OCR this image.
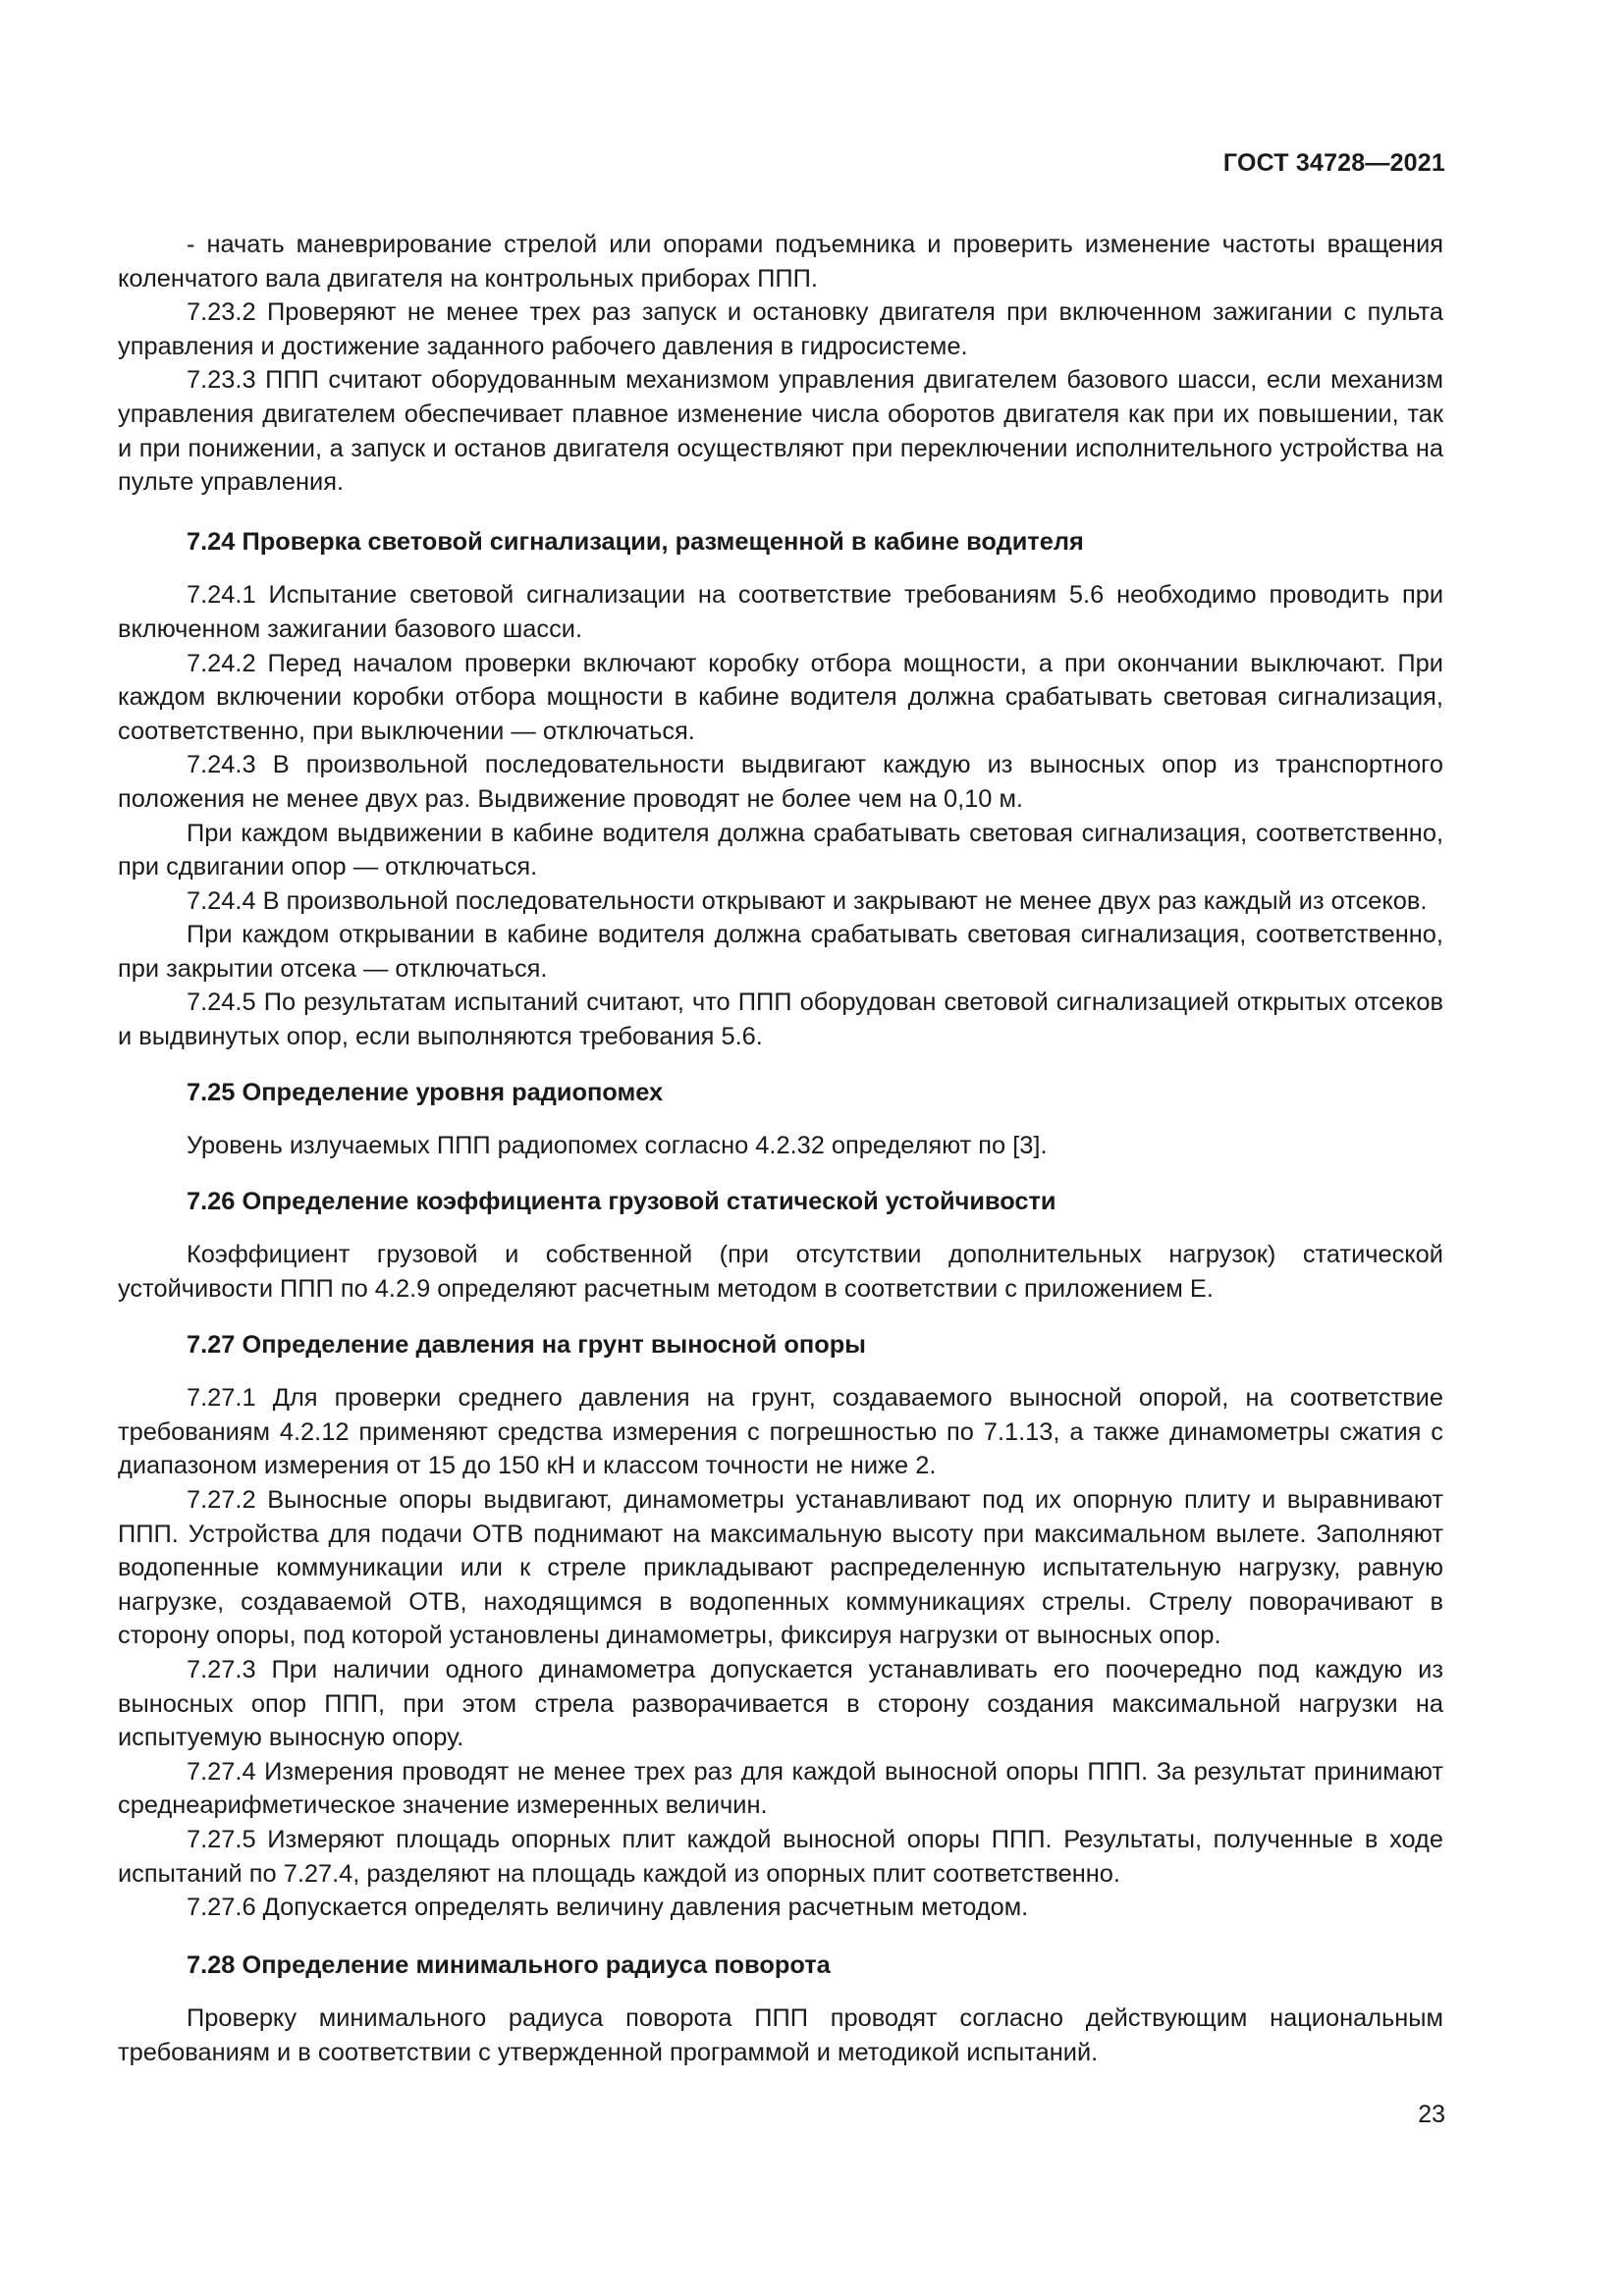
ГОСТ 34728—2021

- начать маневрирование стрелой или опорами подъемника и проверить изменение частоты вращения коленчатого вала двигателя на контрольных приборах ППП.

7.23.2 Проверяют не менее трех раз запуск и остановку двигателя при включенном зажигании с пульта управления и достижение заданного рабочего давления в гидросистеме.

7.23.3 ППП считают оборудованным механизмом управления двигателем базового шасси, если механизм управления двигателем обеспечивает плавное изменение числа оборотов двигателя как при их повышении, так и при понижении, а запуск и останов двигателя осуществляют при переключении исполнительного устройства на пульте управления.

7.24 Проверка световой сигнализации, размещенной в кабине водителя

7.24.1 Испытание световой сигнализации на соответствие требованиям 5.6 необходимо проводить при включенном зажигании базового шасси.

7.24.2 Перед началом проверки включают коробку отбора мощности, а при окончании выключают. При каждом включении коробки отбора мощности в кабине водителя должна срабатывать световая сигнализация, соответственно, при выключении — отключаться.

7.24.3 В произвольной последовательности выдвигают каждую из выносных опор из транспортного положения не менее двух раз. Выдвижение проводят не более чем на 0,10 м.

При каждом выдвижении в кабине водителя должна срабатывать световая сигнализация, соответственно, при сдвигании опор — отключаться.

7.24.4 В произвольной последовательности открывают и закрывают не менее двух раз каждый из отсеков.

При каждом открывании в кабине водителя должна срабатывать световая сигнализация, соответственно, при закрытии отсека — отключаться.

7.24.5 По результатам испытаний считают, что ППП оборудован световой сигнализацией открытых отсеков и выдвинутых опор, если выполняются требования 5.6.

7.25 Определение уровня радиопомех

Уровень излучаемых ППП радиопомех согласно 4.2.32 определяют по [3].

7.26 Определение коэффициента грузовой статической устойчивости

Коэффициент грузовой и собственной (при отсутствии дополнительных нагрузок) статической устойчивости ППП по 4.2.9 определяют расчетным методом в соответствии с приложением Е.

7.27 Определение давления на грунт выносной опоры

7.27.1 Для проверки среднего давления на грунт, создаваемого выносной опорой, на соответствие требованиям 4.2.12 применяют средства измерения с погрешностью по 7.1.13, а также динамометры сжатия с диапазоном измерения от 15 до 150 кН и классом точности не ниже 2.

7.27.2 Выносные опоры выдвигают, динамометры устанавливают под их опорную плиту и выравнивают ППП. Устройства для подачи ОТВ поднимают на максимальную высоту при максимальном вылете. Заполняют водопенные коммуникации или к стреле прикладывают распределенную испытательную нагрузку, равную нагрузке, создаваемой ОТВ, находящимся в водопенных коммуникациях стрелы. Стрелу поворачивают в сторону опоры, под которой установлены динамометры, фиксируя нагрузки от выносных опор.

7.27.3 При наличии одного динамометра допускается устанавливать его поочередно под каждую из выносных опор ППП, при этом стрела разворачивается в сторону создания максимальной нагрузки на испытуемую выносную опору.

7.27.4 Измерения проводят не менее трех раз для каждой выносной опоры ППП. За результат принимают среднеарифметическое значение измеренных величин.

7.27.5 Измеряют площадь опорных плит каждой выносной опоры ППП. Результаты, полученные в ходе испытаний по 7.27.4, разделяют на площадь каждой из опорных плит соответственно.

7.27.6 Допускается определять величину давления расчетным методом.

7.28 Определение минимального радиуса поворота

Проверку минимального радиуса поворота ППП проводят согласно действующим национальным требованиям и в соответствии с утвержденной программой и методикой испытаний.

23
